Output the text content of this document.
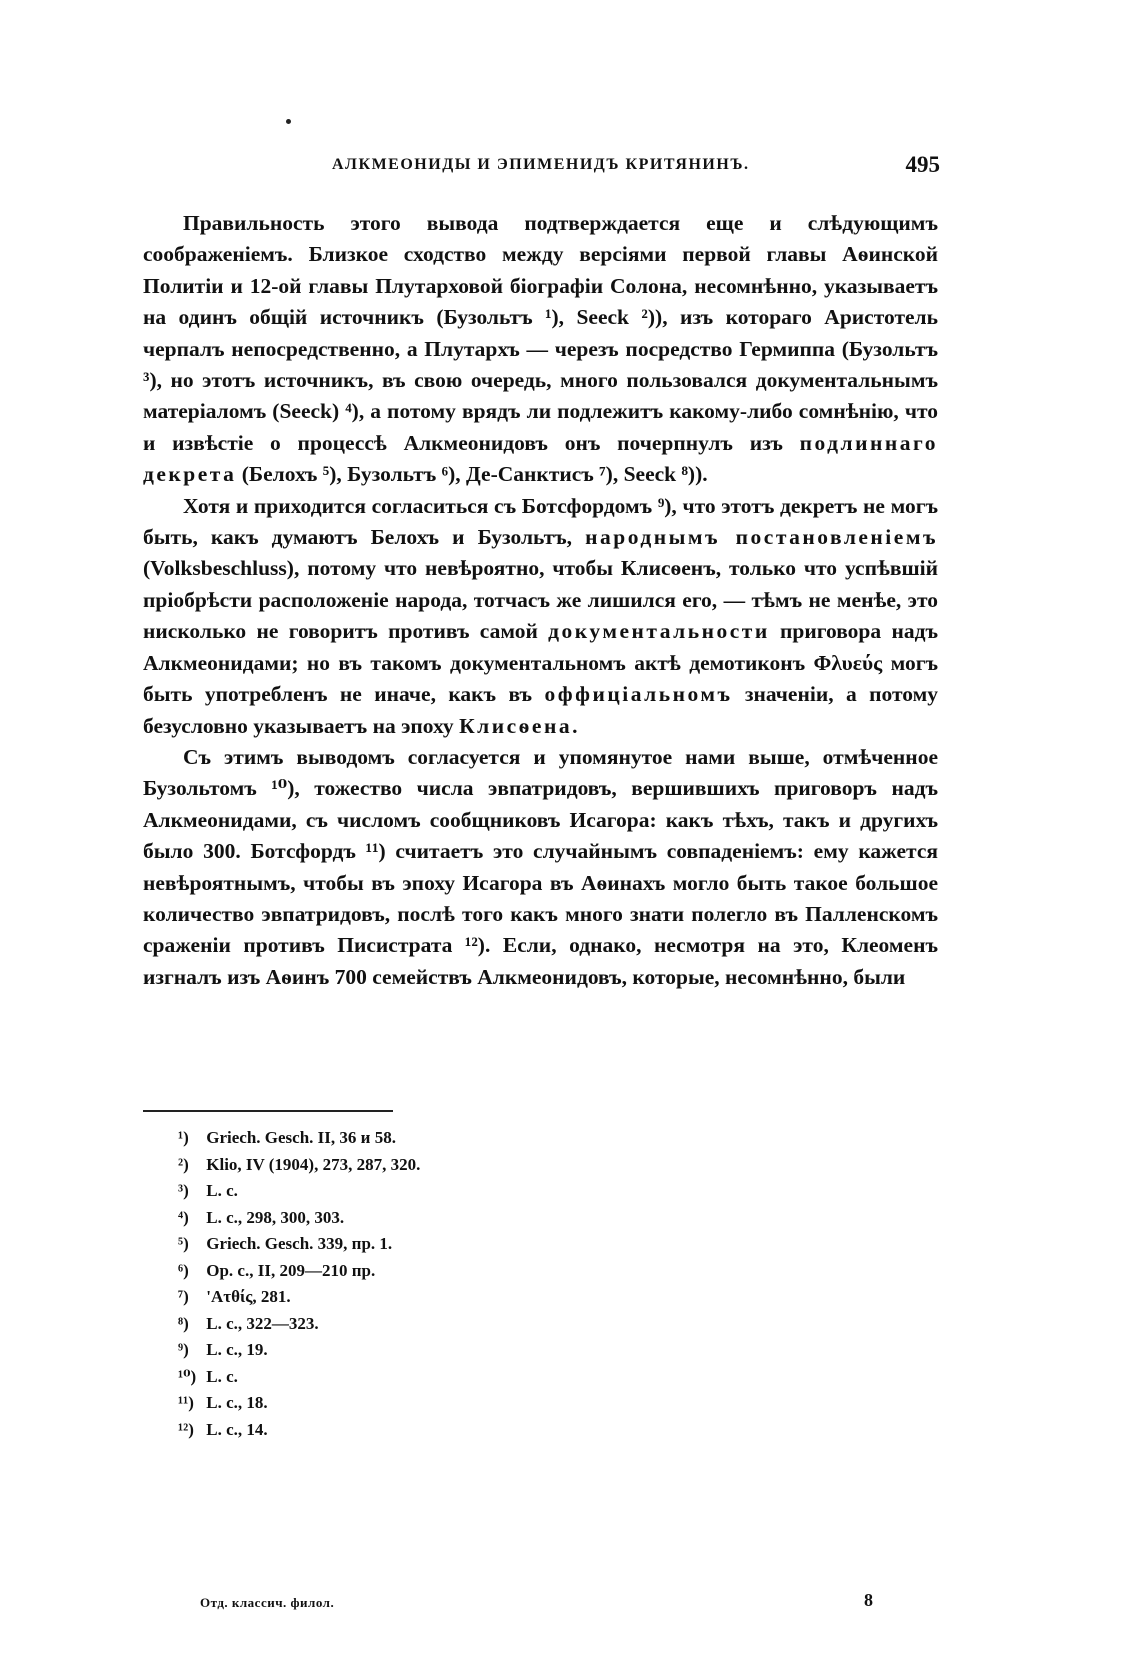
АЛКМЕОНИДЫ И ЭПИМЕНИДЪ КРИТЯНИНЪ.	495

Правильность этого вывода подтверждается еще и слѣдующимъ соображеніемъ. Близкое сходство между версіями первой главы Аѳинской Политіи и 12-ой главы Плутарховой біографіи Солона, несомнѣнно, указываетъ на одинъ общій источникъ (Бузольтъ ¹), Seeck ²)), изъ котораго Аристотель черпалъ непосредственно, а Плутархъ — черезъ посредство Гермиппа (Бузольтъ ³), но этотъ источникъ, въ свою очередь, много пользовался документальнымъ матеріаломъ (Seeck) ⁴), а потому врядъ ли подлежитъ какому-либо сомнѣнію, что и извѣстіе о процессѣ Алкмеонидовъ онъ почерпнулъ изъ подлиннаго декрета (Белохъ ⁵), Бузольтъ ⁶), Де-Санктисъ ⁷), Seeck ⁸)).

Хотя и приходится согласиться съ Ботсфордомъ ⁹), что этотъ декретъ не могъ быть, какъ думаютъ Белохъ и Бузольтъ, народнымъ постановленіемъ (Volksbeschluss), потому что невѣроятно, чтобы Клисѳенъ, только что успѣвшій пріобрѣсти расположеніе народа, тотчасъ же лишился его, — тѣмъ не менѣе, это нисколько не говоритъ противъ самой документальности приговора надъ Алкмеонидами; но въ такомъ документальномъ актѣ демотиконъ Φλυεύς могъ быть употребленъ не иначе, какъ въ оффиціальномъ значеніи, а потому безусловно указываетъ на эпоху Клисѳена.

Съ этимъ выводомъ согласуется и упомянутое нами выше, отмѣченное Бузольтомъ ¹⁰), тожество числа эвпатридовъ, вершившихъ приговоръ надъ Алкмеонидами, съ числомъ сообщниковъ Исагора: какъ тѣхъ, такъ и другихъ было 300. Ботсфордъ ¹¹) считаетъ это случайнымъ совпаденіемъ: ему кажется невѣроятнымъ, чтобы въ эпоху Исагора въ Аѳинахъ могло быть такое большое количество эвпатридовъ, послѣ того какъ много знати полегло въ Палленскомъ сраженіи противъ Писистрата ¹²). Если, однако, несмотря на это, Клеоменъ изгналъ изъ Аѳинъ 700 семействъ Алкмеонидовъ, которые, несомнѣнно, были

¹) Griech. Gesch. II, 36 и 58.
²) Klio, IV (1904), 273, 287, 320.
³) L. c.
⁴) L. c., 298, 300, 303.
⁵) Griech. Gesch. 339, пр. 1.
⁶) Op. c., II, 209—210 пр.
⁷) 'Ατθίς, 281.
⁸) L. c., 322—323.
⁹) L. c., 19.
¹⁰) L. c.
¹¹) L. c., 18.
¹²) L. c., 14.
Отд. классич. филол.	8
